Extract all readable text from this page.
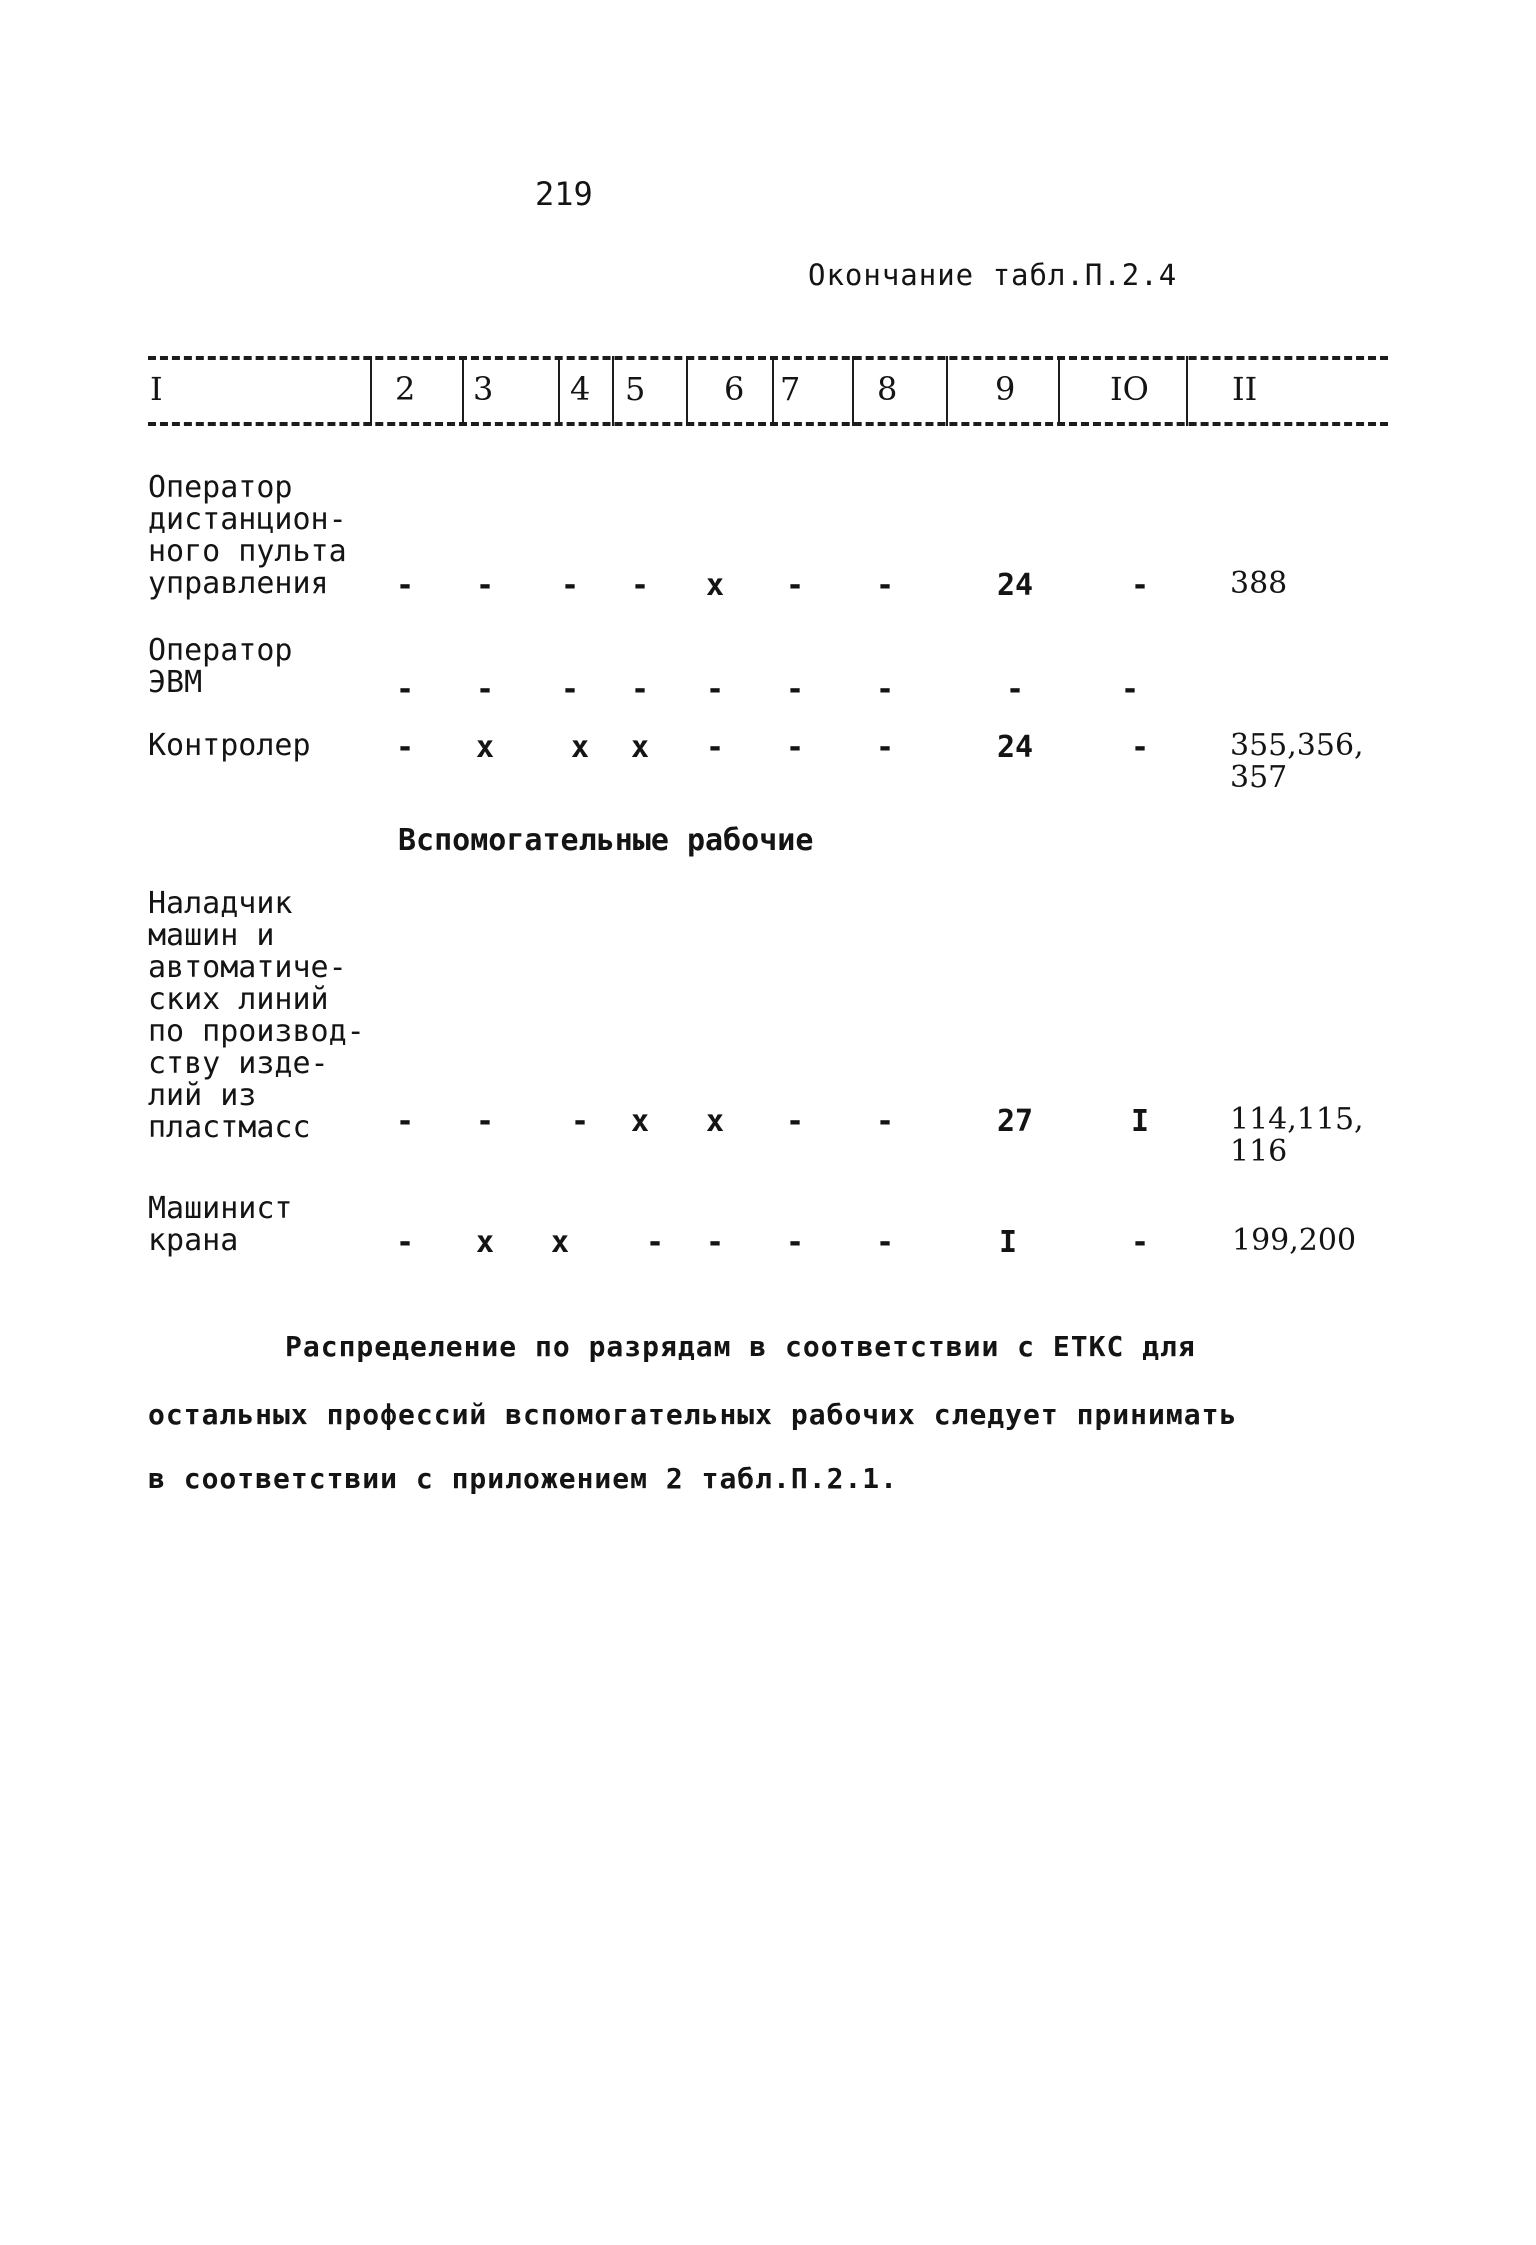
219
Окончание табл.П.2.4
I	2 3 4 5 6 7 8	9	IO	II
Оператор
дистанцион-
ного пульта
управления	-	-	-	-	x	-	-	24	-	388
Оператор
ЭВМ	-	-	-	-	-	-	-	-	-
Контролер	-	x	x	x	-	-	-	24	-	355,356,
357
Вспомогательные рабочие
Наладчик
машин и
автоматиче-
ских линий
по производ-
ству изде-
лий из
пластмасс	-	-	-	x	x	-	-	27	I	114,115,
116
Машинист
крана	-	x	x	-	-	-	-	I	-	199,200
Распределение по разрядам в соответствии с ЕТКС для
остальных профессий вспомогательных рабочих следует принимать
в соответствии с приложением 2 табл.П.2.1.
